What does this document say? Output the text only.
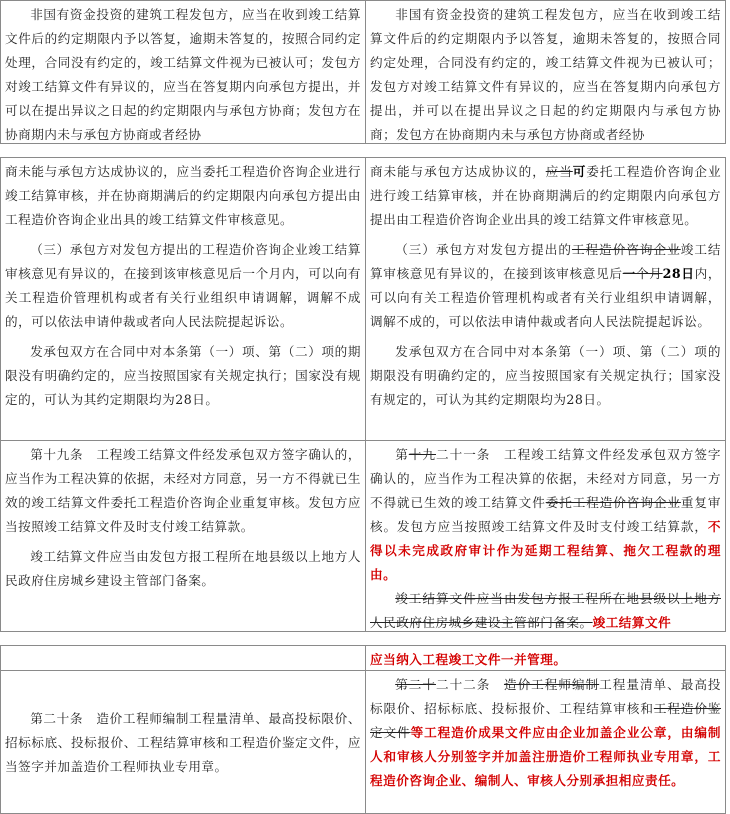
非国有资金投资的建筑工程发包方，应当在收到竣工结算文件后的约定期限内予以答复，逾期未答复的，按照合同约定处理，合同没有约定的，竣工结算文件视为已被认可；发包方对竣工结算文件有异议的，应当在答复期内向承包方提出，并可以在提出异议之日起的约定期限内与承包方协商；发包方在协商期内未与承包方协商或者经协

非国有资金投资的建筑工程发包方，应当在收到竣工结算文件后的约定期限内予以答复，逾期未答复的，按照合同约定处理，合同没有约定的，竣工结算文件视为已被认可；发包方对竣工结算文件有异议的，应当在答复期内向承包方提出，并可以在提出异议之日起的约定期限内与承包方协商；发包方在协商期内未与承包方协商或者经协

商未能与承包方达成协议的，应当委托工程造价咨询企业进行竣工结算审核，并在协商期满后的约定期限内向承包方提出由工程造价咨询企业出具的竣工结算文件审核意见。

（三）承包方对发包方提出的工程造价咨询企业竣工结算审核意见有异议的，在接到该审核意见后一个月内，可以向有关工程造价管理机构或者有关行业组织申请调解，调解不成的，可以依法申请仲裁或者向人民法院提起诉讼。

发承包双方在合同中对本条第（一）项、第（二）项的期限没有明确约定的，应当按照国家有关规定执行；国家没有规定的，可认为其约定期限均为28日。

商未能与承包方达成协议的，应当可委托工程造价咨询企业进行竣工结算审核，并在协商期满后的约定期限内向承包方提出由工程造价咨询企业出具的竣工结算文件审核意见。

（三）承包方对发包方提出的工程造价咨询企业竣工结算审核意见有异议的，在接到该审核意见后一个月28日内，可以向有关工程造价管理机构或者有关行业组织申请调解，调解不成的，可以依法申请仲裁或者向人民法院提起诉讼。

发承包双方在合同中对本条第（一）项、第（二）项的期限没有明确约定的，应当按照国家有关规定执行；国家没有规定的，可认为其约定期限均为28日。

第十九条　工程竣工结算文件经发承包双方签字确认的，应当作为工程决算的依据，未经对方同意，另一方不得就已生效的竣工结算文件委托工程造价咨询企业重复审核。发包方应当按照竣工结算文件及时支付竣工结算款。

竣工结算文件应当由发包方报工程所在地县级以上地方人民政府住房城乡建设主管部门备案。

第十九二十一条　工程竣工结算文件经发承包双方签字确认的，应当作为工程决算的依据，未经对方同意，另一方不得就已生效的竣工结算文件委托工程造价咨询企业重复审核。发包方应当按照竣工结算文件及时支付竣工结算款，不得以未完成政府审计作为延期工程结算、拖欠工程款的理由。

竣工结算文件应当由发包方报工程所在地县级以上地方人民政府住房城乡建设主管部门备案。竣工结算文件

应当纳入工程竣工文件一并管理。

第二十条　造价工程师编制工程量清单、最高投标限价、招标标底、投标报价、工程结算审核和工程造价鉴定文件，应当签字并加盖造价工程师执业专用章。

第二十二十二条　造价工程师编制工程量清单、最高投标限价、招标标底、投标报价、工程结算审核和工程造价鉴定文件等工程造价成果文件应由企业加盖企业公章，由编制人和审核人分别签字并加盖注册造价工程师执业专用章，工程造价咨询企业、编制人、审核人分别承担相应责任。
